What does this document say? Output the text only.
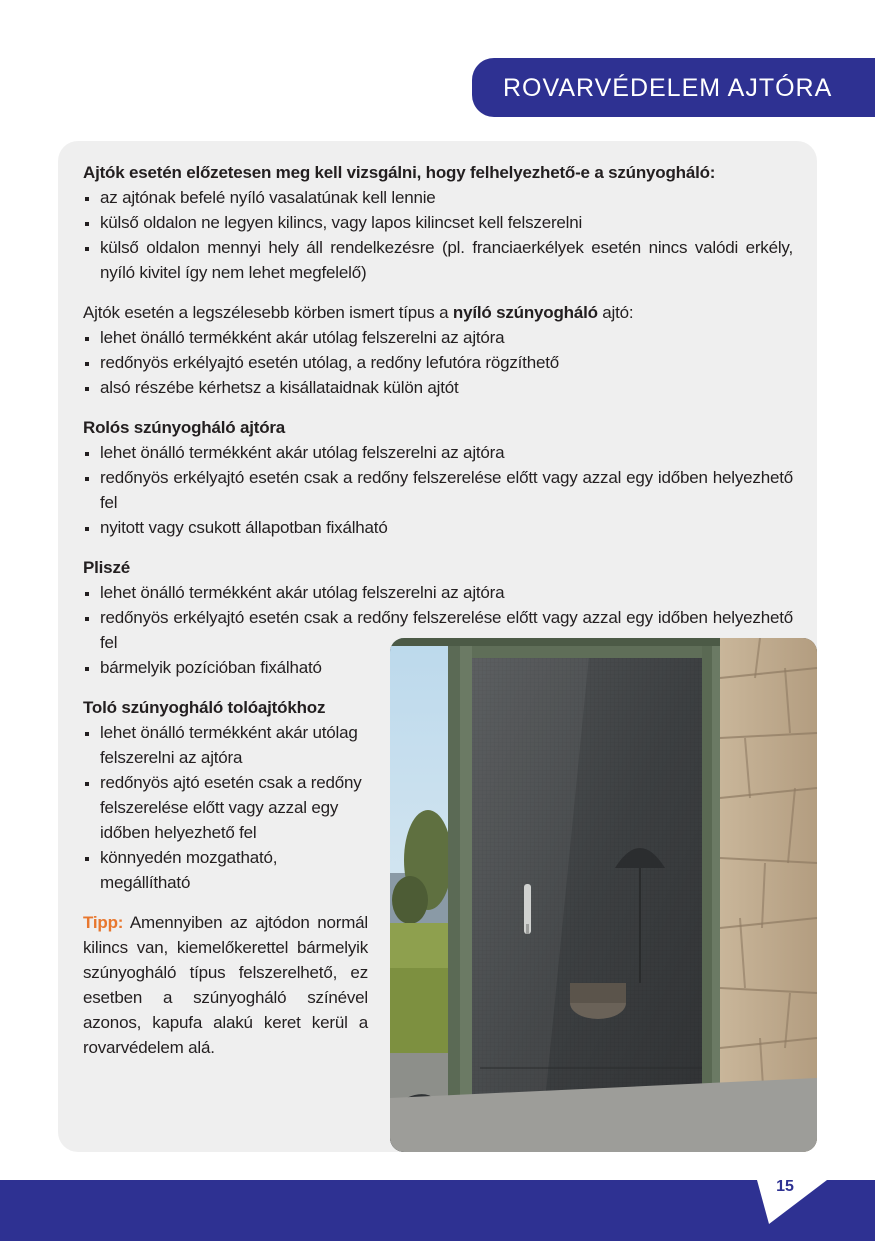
ROVARVÉDELEM AJTÓRA

Ajtók esetén előzetesen meg kell vizsgálni, hogy felhelyezhető-e a szúnyogháló:

az ajtónak befelé nyíló vasalatúnak kell lennie
külső oldalon ne legyen kilincs, vagy lapos kilincset kell felszerelni
külső oldalon mennyi hely áll rendelkezésre (pl. franciaerkélyek esetén nincs valódi erkély, nyíló kivitel így nem lehet megfelelő)

Ajtók esetén a legszélesebb körben ismert típus a nyíló szúnyogháló ajtó:

lehet önálló termékként akár utólag felszerelni az ajtóra
redőnyös erkélyajtó esetén utólag, a redőny lefutóra rögzíthető
alsó részébe kérhetsz a kisállataidnak külön ajtót

Rolós szúnyogháló ajtóra

lehet önálló termékként akár utólag felszerelni az ajtóra
redőnyös erkélyajtó esetén csak a redőny felszerelése előtt vagy azzal egy időben helyezhető fel
nyitott vagy csukott állapotban fixálható

Pliszé

lehet önálló termékként akár utólag felszerelni az ajtóra
redőnyös erkélyajtó esetén csak a redőny felszerelése előtt vagy azzal egy időben helyezhető fel
bármelyik pozícióban fixálható

Toló szúnyogháló tolóajtókhoz

lehet önálló termékként akár utólag felszerelni az ajtóra
redőnyös ajtó esetén csak a redőny felszerelése előtt vagy azzal egy időben helyezhető fel
könnyedén mozgatható, megállítható

Tipp: Amennyiben az ajtódon normál kilincs van, kiemelőkerettel bármelyik szúnyogháló típus felszerelhető, ez esetben a szúnyogháló színével azonos, kapufa alakú keret kerül a rovarvédelem alá.

15
